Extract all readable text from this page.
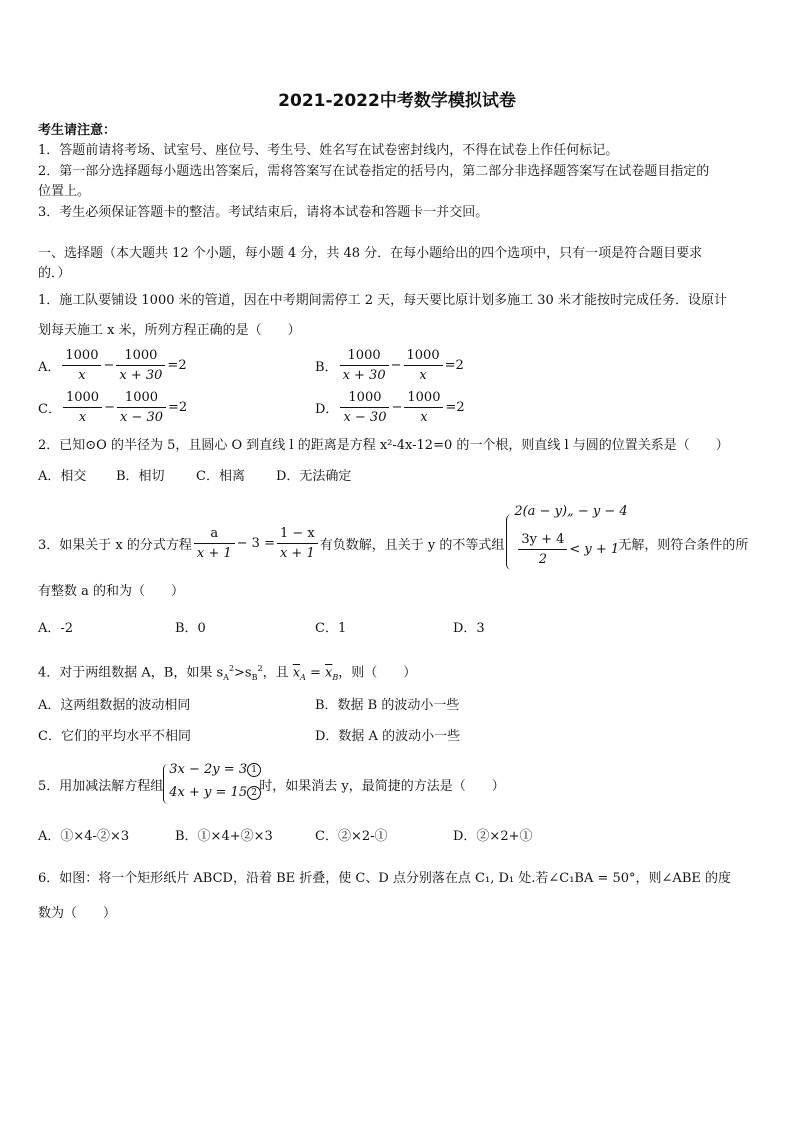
2021-2022中考数学模拟试卷
考生请注意：
1．答题前请将考场、试室号、座位号、考生号、姓名写在试卷密封线内，不得在试卷上作任何标记。
2．第一部分选择题每小题选出答案后，需将答案写在试卷指定的括号内，第二部分非选择题答案写在试卷题目指定的
位置上。
3．考生必须保证答题卡的整洁。考试结束后，请将本试卷和答题卡一并交回。
一、选择题（本大题共 12 个小题，每小题 4 分，共 48 分．在每小题给出的四个选项中，只有一项是符合题目要求
的．）
1．施工队要铺设 1000 米的管道，因在中考期间需停工 2 天，每天要比原计划多施工 30 米才能按时完成任务．设原计
划每天施工 x 米，所列方程正确的是（　　）
A． $\frac{1000}{x} - \frac{1000}{x + 30} =2$	B． $\frac{1000}{x + 30} - \frac{1000}{x} =2$
C． $\frac{1000}{x} - \frac{1000}{x - 30} =2$	D． $\frac{1000}{x - 30} - \frac{1000}{x} =2$
2．已知⊙O 的半径为 5，且圆心 O 到直线 l 的距离是方程 x²-4x-12=0 的一个根，则直线 l 与圆的位置关系是（　　）
A．相交 B．相切 C．相离 D．无法确定
3．如果关于 x 的分式方程 $\frac{a}{x + 1} - 3 = \frac{1 - x}{x + 1}$ 有负数解，且关于 y 的不等式组
2(a − y)„ − y − 4
$\frac{3y + 4}{2} < y + 1$ 无解，则符合条件的所
有整数 a 的和为（　　）
A．-2	B．0	C．1	D．3
4．对于两组数据 A，B，如果 $s_A^2>s_B^2$，且 $\overline{x}_A = \overline{x}_B$，则（　　）
A．这两组数据的波动相同	B．数据 B 的波动小一些
C．它们的平均水平不相同	D．数据 A 的波动小一些
5．用加减法解方程组
3x − 2y = 3 1
4x + y = 15 2 时，如果消去 y，最简捷的方法是（　　）
A．①×4-②×3	B．①×4+②×3	C．②×2-①	D．②×2+①
6．如图：将一个矩形纸片 ABCD，沿着 BE 折叠，使 C、D 点分别落在点 C₁, D₁ 处.若∠C₁BA = 50°，则∠ABE 的度
数为（　　）
